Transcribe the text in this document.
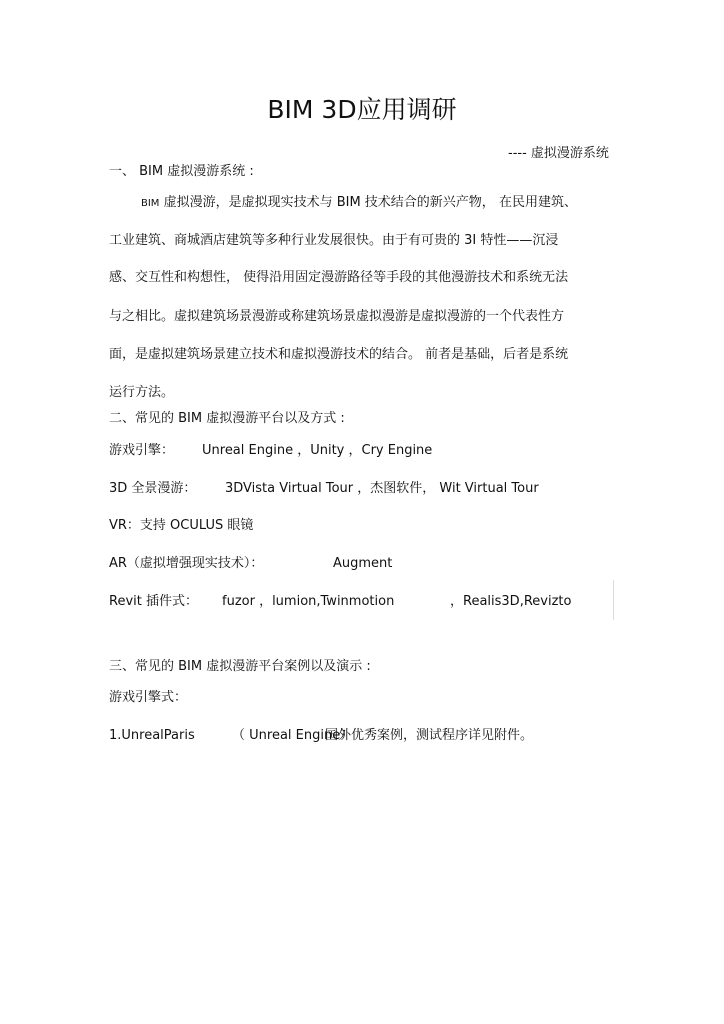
BIM 3D应用调研
---- 虚拟漫游系统
一、 BIM 虚拟漫游系统 :
BIM 虚拟漫游，是虚拟现实技术与 BIM 技术结合的新兴产物， 在民用建筑、
工业建筑、商城酒店建筑等多种行业发展很快。由于有可贵的 3I 特性——沉浸
感、交互性和构想性， 使得沿用固定漫游路径等手段的其他漫游技术和系统无法
与之相比。虚拟建筑场景漫游或称建筑场景虚拟漫游是虚拟漫游的一个代表性方
面，是虚拟建筑场景建立技术和虚拟漫游技术的结合。 前者是基础，后者是系统
运行方法。
二、常见的 BIM 虚拟漫游平台以及方式 :
游戏引擎： Unreal Engine ，Unity ，Cry Engine
3D 全景漫游： 3DVista Virtual Tour ，杰图软件， Wit Virtual Tour
VR：支持 OCULUS 眼镜
AR（虚拟增强现实技术）：	Augment
Revit 插件式： fuzor ，lumion,Twinmotion	，Realis3D,Revizto
三、常见的 BIM 虚拟漫游平台案例以及演示 :
游戏引擎式：
1.UnrealParis	（ Unreal Engine）
国外优秀案例，测试程序详见附件。
